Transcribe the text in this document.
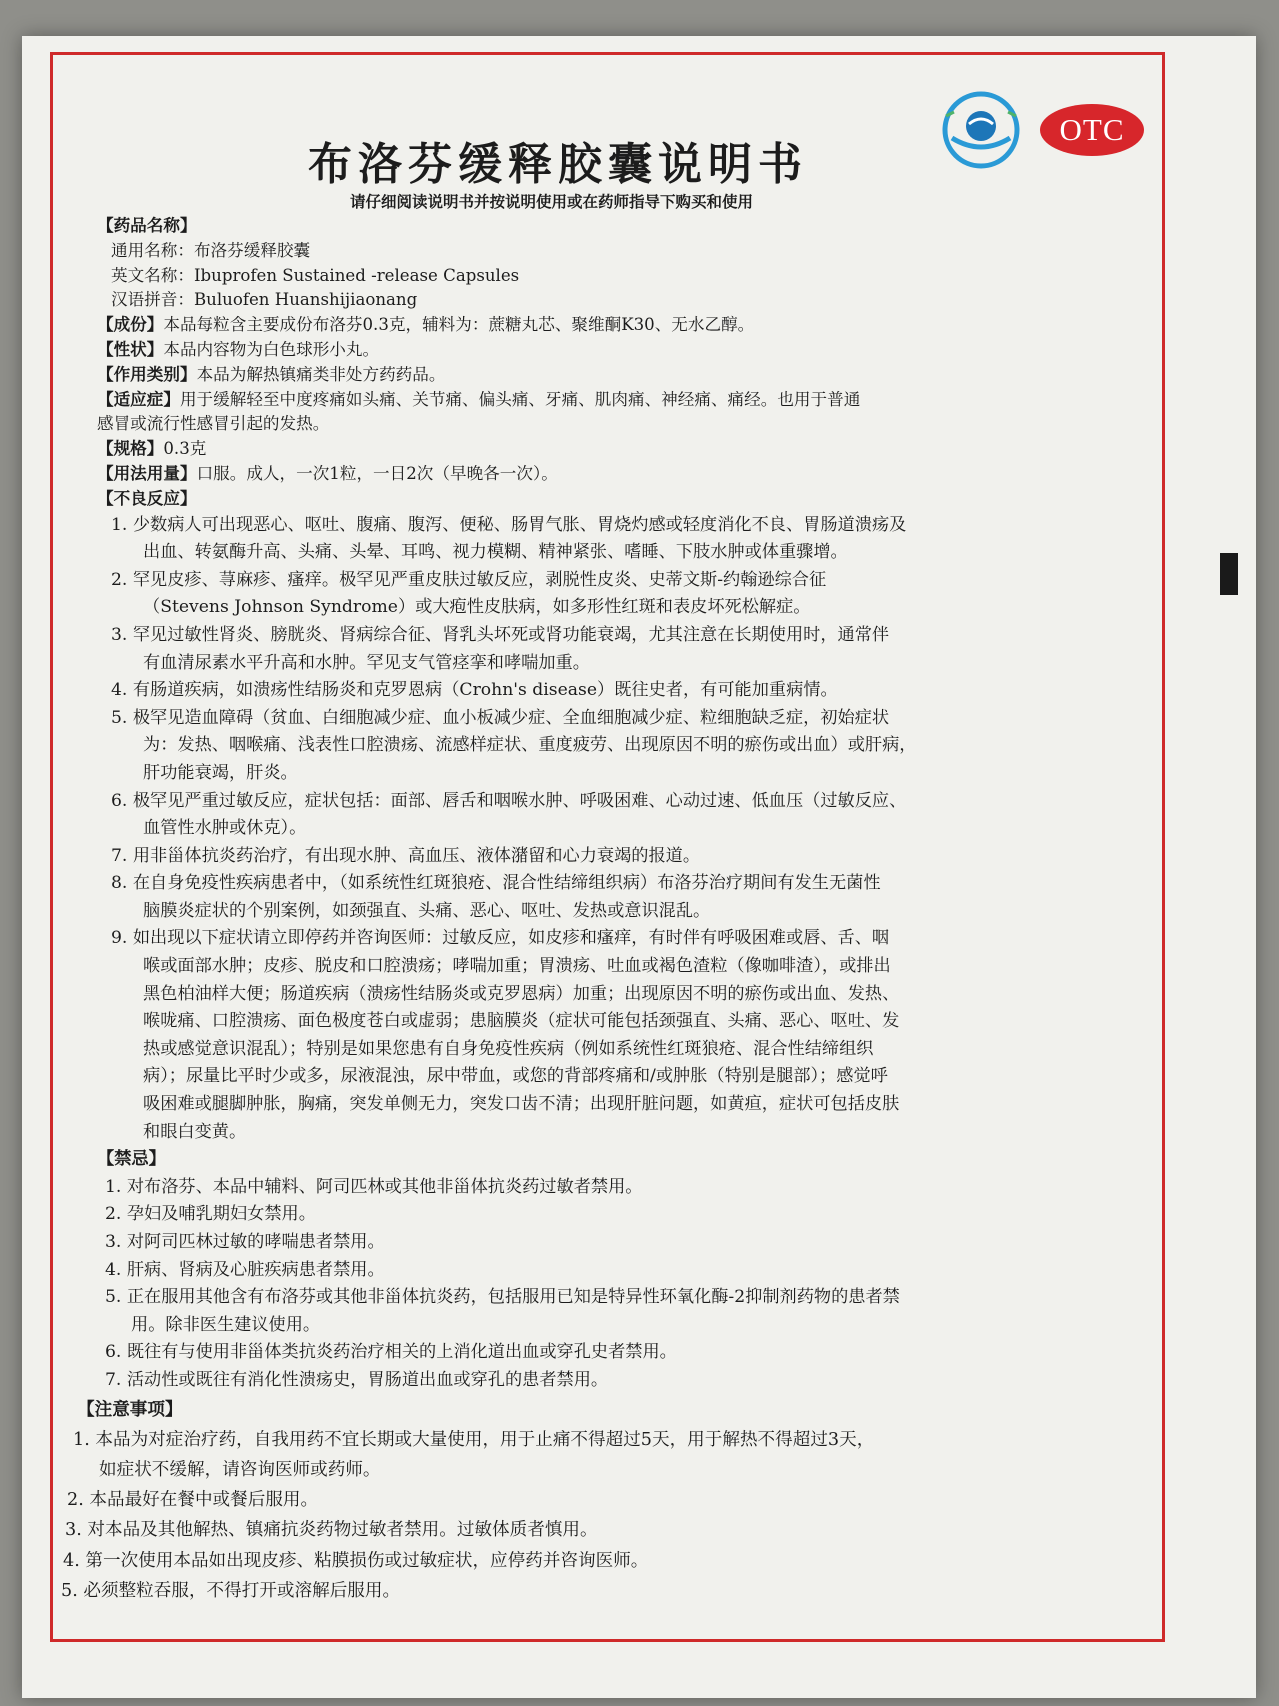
布洛芬缓释胶囊说明书
请仔细阅读说明书并按说明使用或在药师指导下购买和使用
OTC
【药品名称】
通用名称：布洛芬缓释胶囊
英文名称：Ibuprofen Sustained -release Capsules
汉语拼音：Buluofen Huanshijiaonang
【成份】本品每粒含主要成份布洛芬0.3克，辅料为：蔗糖丸芯、聚维酮K30、无水乙醇。
【性状】本品内容物为白色球形小丸。
【作用类别】本品为解热镇痛类非处方药药品。
【适应症】用于缓解轻至中度疼痛如头痛、关节痛、偏头痛、牙痛、肌肉痛、神经痛、痛经。也用于普通
感冒或流行性感冒引起的发热。
【规格】0.3克
【用法用量】口服。成人，一次1粒，一日2次（早晚各一次）。
【不良反应】
1. 少数病人可出现恶心、呕吐、腹痛、腹泻、便秘、肠胃气胀、胃烧灼感或轻度消化不良、胃肠道溃疡及
出血、转氨酶升高、头痛、头晕、耳鸣、视力模糊、精神紧张、嗜睡、下肢水肿或体重骤增。
2. 罕见皮疹、荨麻疹、瘙痒。极罕见严重皮肤过敏反应，剥脱性皮炎、史蒂文斯-约翰逊综合征
（Stevens Johnson Syndrome）或大疱性皮肤病，如多形性红斑和表皮坏死松解症。
3. 罕见过敏性肾炎、膀胱炎、肾病综合征、肾乳头坏死或肾功能衰竭，尤其注意在长期使用时，通常伴
有血清尿素水平升高和水肿。罕见支气管痉挛和哮喘加重。
4. 有肠道疾病，如溃疡性结肠炎和克罗恩病（Crohn's disease）既往史者，有可能加重病情。
5. 极罕见造血障碍（贫血、白细胞减少症、血小板减少症、全血细胞减少症、粒细胞缺乏症，初始症状
为：发热、咽喉痛、浅表性口腔溃疡、流感样症状、重度疲劳、出现原因不明的瘀伤或出血）或肝病，
肝功能衰竭，肝炎。
6. 极罕见严重过敏反应，症状包括：面部、唇舌和咽喉水肿、呼吸困难、心动过速、低血压（过敏反应、
血管性水肿或休克）。
7. 用非甾体抗炎药治疗，有出现水肿、高血压、液体潴留和心力衰竭的报道。
8. 在自身免疫性疾病患者中，（如系统性红斑狼疮、混合性结缔组织病）布洛芬治疗期间有发生无菌性
脑膜炎症状的个别案例，如颈强直、头痛、恶心、呕吐、发热或意识混乱。
9. 如出现以下症状请立即停药并咨询医师：过敏反应，如皮疹和瘙痒，有时伴有呼吸困难或唇、舌、咽
喉或面部水肿；皮疹、脱皮和口腔溃疡；哮喘加重；胃溃疡、吐血或褐色渣粒（像咖啡渣），或排出
黑色柏油样大便；肠道疾病（溃疡性结肠炎或克罗恩病）加重；出现原因不明的瘀伤或出血、发热、
喉咙痛、口腔溃疡、面色极度苍白或虚弱；患脑膜炎（症状可能包括颈强直、头痛、恶心、呕吐、发
热或感觉意识混乱）；特别是如果您患有自身免疫性疾病（例如系统性红斑狼疮、混合性结缔组织
病）；尿量比平时少或多，尿液混浊，尿中带血，或您的背部疼痛和/或肿胀（特别是腿部）；感觉呼
吸困难或腿脚肿胀，胸痛，突发单侧无力，突发口齿不清；出现肝脏问题，如黄疸，症状可包括皮肤
和眼白变黄。
【禁忌】
1. 对布洛芬、本品中辅料、阿司匹林或其他非甾体抗炎药过敏者禁用。
2. 孕妇及哺乳期妇女禁用。
3. 对阿司匹林过敏的哮喘患者禁用。
4. 肝病、肾病及心脏疾病患者禁用。
5. 正在服用其他含有布洛芬或其他非甾体抗炎药，包括服用已知是特异性环氧化酶-2抑制剂药物的患者禁
用。除非医生建议使用。
6. 既往有与使用非甾体类抗炎药治疗相关的上消化道出血或穿孔史者禁用。
7. 活动性或既往有消化性溃疡史，胃肠道出血或穿孔的患者禁用。
【注意事项】
1. 本品为对症治疗药，自我用药不宜长期或大量使用，用于止痛不得超过5天，用于解热不得超过3天，
如症状不缓解，请咨询医师或药师。
2. 本品最好在餐中或餐后服用。
3. 对本品及其他解热、镇痛抗炎药物过敏者禁用。过敏体质者慎用。
4. 第一次使用本品如出现皮疹、粘膜损伤或过敏症状，应停药并咨询医师。
5. 必须整粒吞服，不得打开或溶解后服用。
